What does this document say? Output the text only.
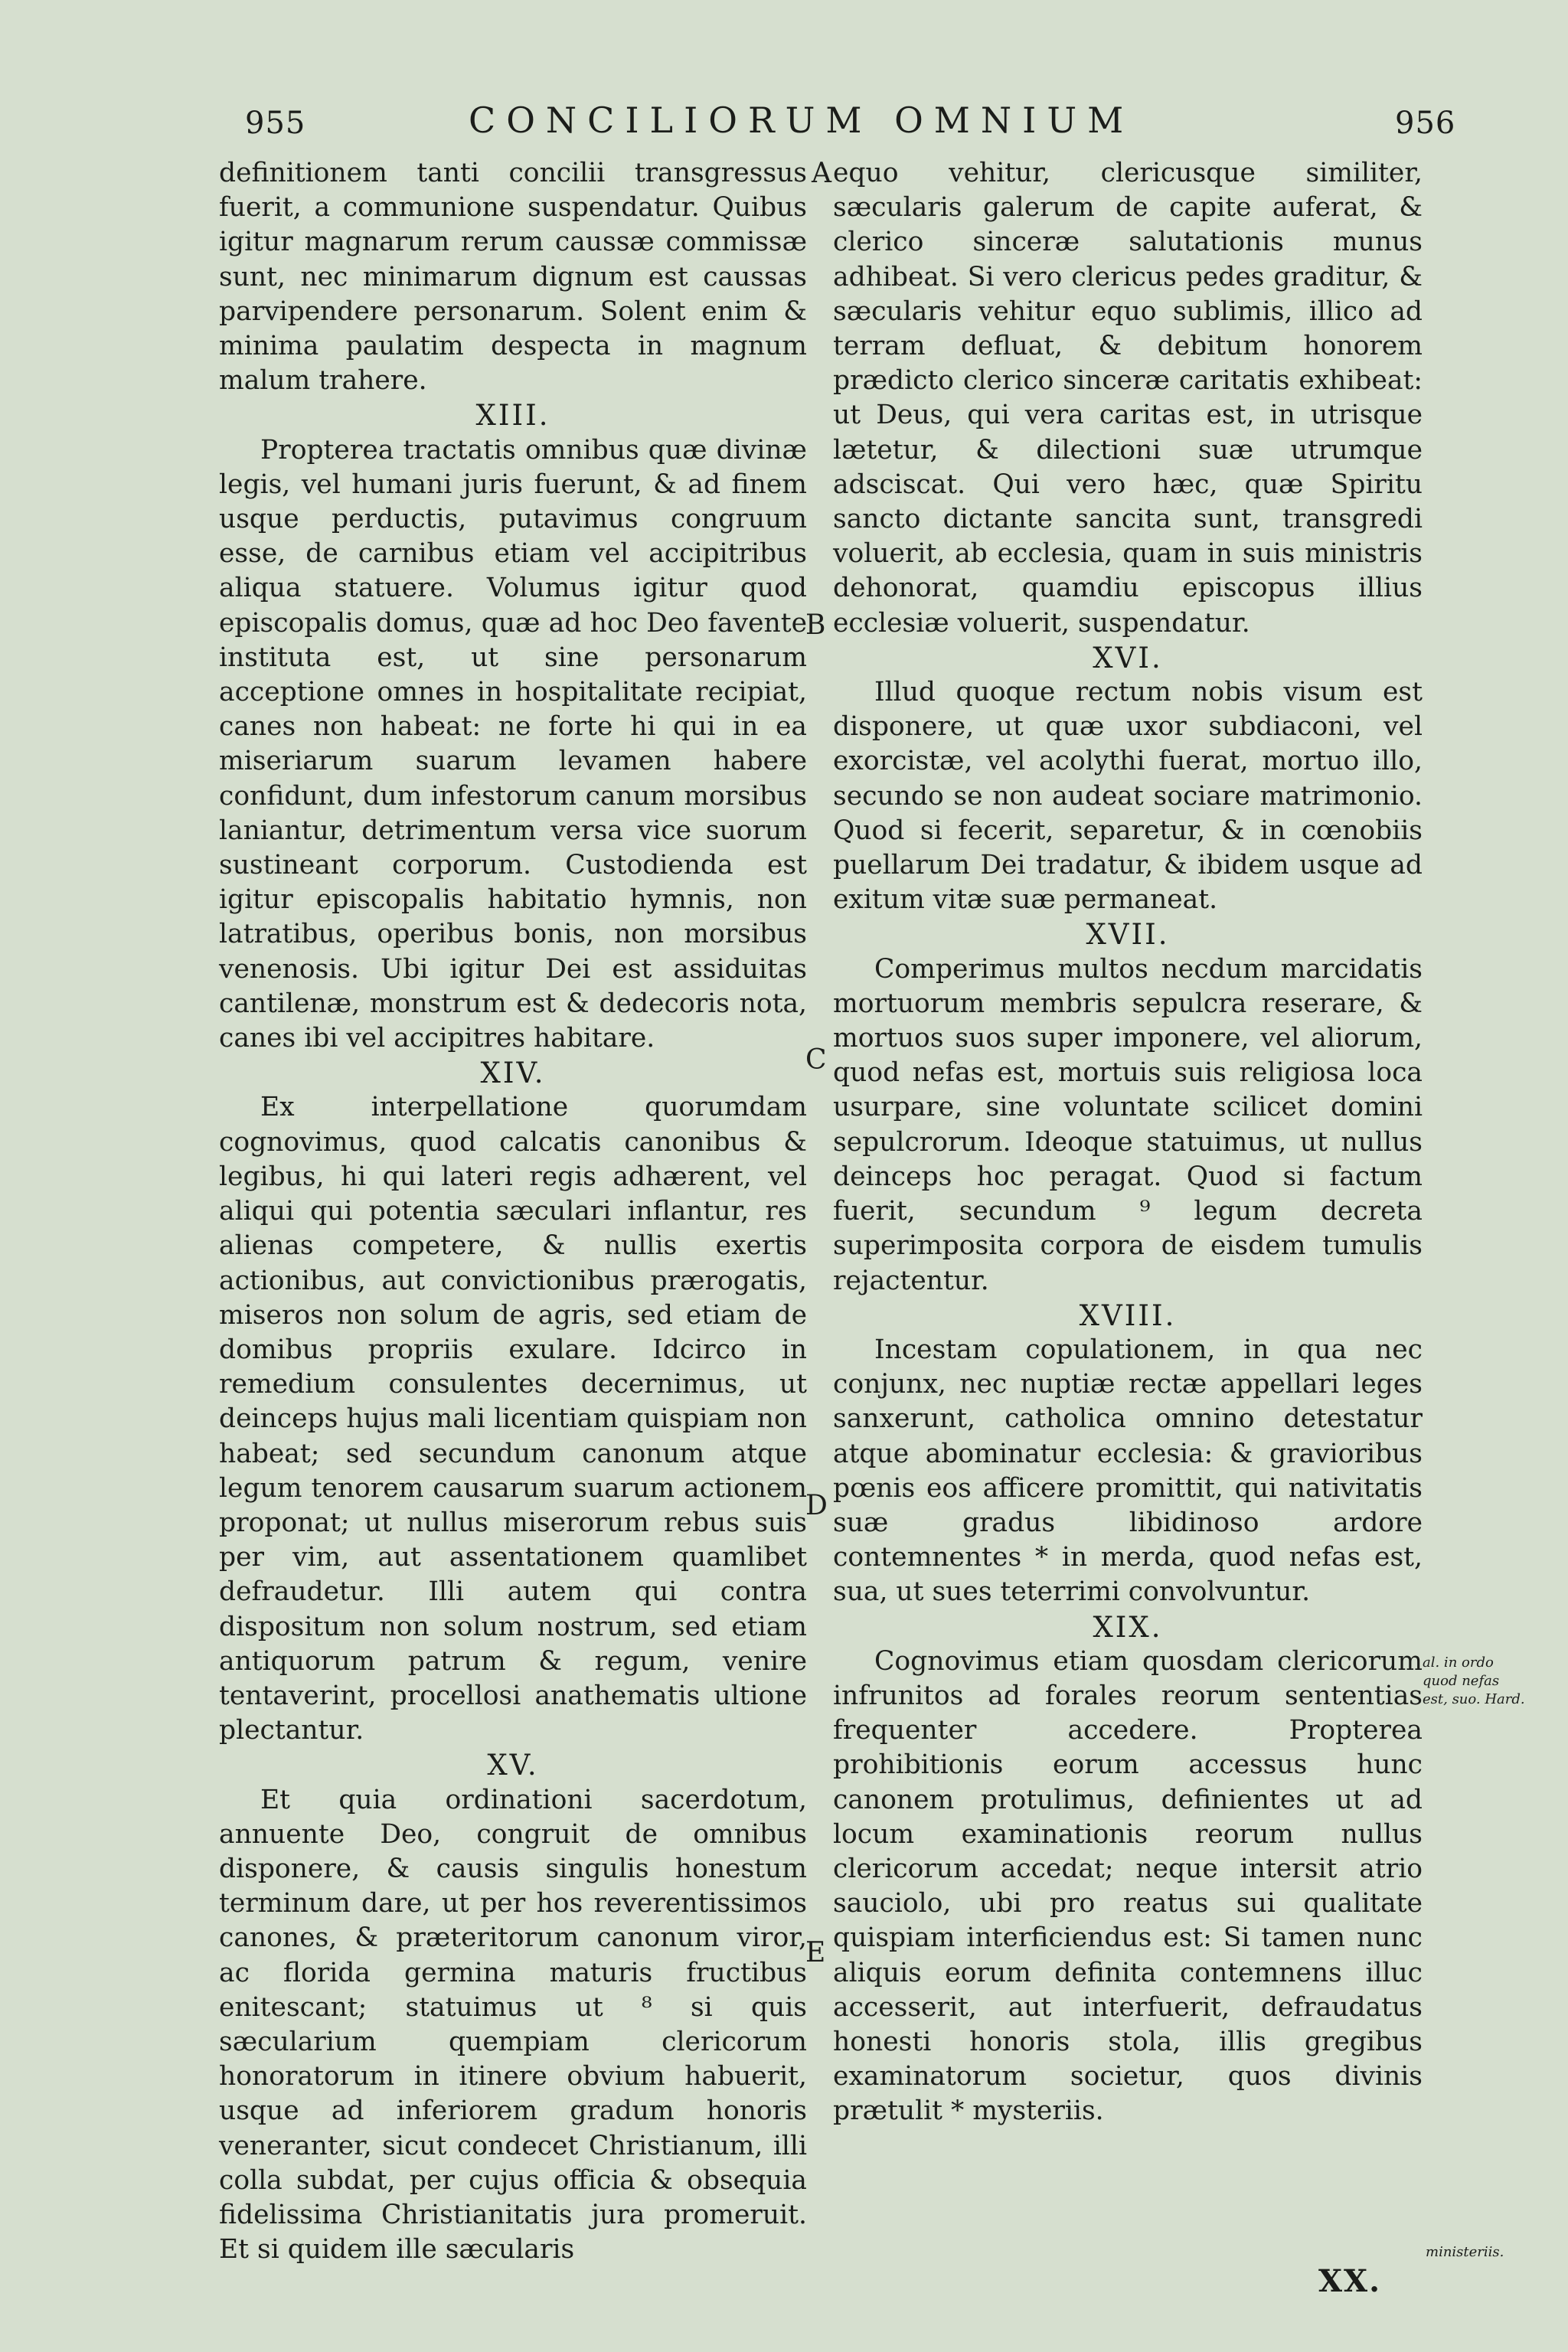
955	CONCILIORUM OMNIUM	956

definitionem tanti concilii transgressus fuerit, a communione suspendatur. Quibus igitur magnarum rerum caussæ commissæ sunt, nec minimarum dignum est caussas parvipendere personarum. Solent enim & minima paulatim despecta in magnum malum trahere.

XIII.

Propterea tractatis omnibus quæ divinæ legis, vel humani juris fuerunt, & ad finem usque perductis, putavimus congruum esse, de carnibus etiam vel accipitribus aliqua statuere. Volumus igitur quod episcopalis domus, quæ ad hoc Deo favente instituta est, ut sine personarum acceptione omnes in hospitalitate recipiat, canes non habeat: ne forte hi qui in ea miseriarum suarum levamen habere confidunt, dum infestorum canum morsibus laniantur, detrimentum versa vice suorum sustineant corporum. Custodienda est igitur episcopalis habitatio hymnis, non latratibus, operibus bonis, non morsibus venenosis. Ubi igitur Dei est assiduitas cantilenæ, monstrum est & dedecoris nota, canes ibi vel accipitres habitare.

XIV.

Ex interpellatione quorumdam cognovimus, quod calcatis canonibus & legibus, hi qui lateri regis adhærent, vel aliqui qui potentia sæculari inflantur, res alienas competere, & nullis exertis actionibus, aut convictionibus prærogatis, miseros non solum de agris, sed etiam de domibus propriis exulare. Idcirco in remedium consulentes decernimus, ut deinceps hujus mali licentiam quispiam non habeat; sed secundum canonum atque legum tenorem causarum suarum actionem proponat; ut nullus miserorum rebus suis per vim, aut assentationem quamlibet defraudetur. Illi autem qui contra dispositum non solum nostrum, sed etiam antiquorum patrum & regum, venire tentaverint, procellosi anathematis ultione plectantur.

XV.

Et quia ordinationi sacerdotum, annuente Deo, congruit de omnibus disponere, & causis singulis honestum terminum dare, ut per hos reverentissimos canones, & præteritorum canonum viror, ac florida germina maturis fructibus enitescant; statuimus ut ⁸ si quis sæcularium quempiam clericorum honoratorum in itinere obvium habuerit, usque ad inferiorem gradum honoris veneranter, sicut condecet Christianum, illi colla subdat, per cujus officia & obsequia fidelissima Christianitatis jura promeruit. Et si quidem ille sæcularis

equo vehitur, clericusque similiter, sæcularis galerum de capite auferat, & clerico sinceræ salutationis munus adhibeat. Si vero clericus pedes graditur, & sæcularis vehitur equo sublimis, illico ad terram defluat, & debitum honorem prædicto clerico sinceræ caritatis exhibeat: ut Deus, qui vera caritas est, in utrisque lætetur, & dilectioni suæ utrumque adsciscat. Qui vero hæc, quæ Spiritu sancto dictante sancita sunt, transgredi voluerit, ab ecclesia, quam in suis ministris dehonorat, quamdiu episcopus illius ecclesiæ voluerit, suspendatur.

XVI.

Illud quoque rectum nobis visum est disponere, ut quæ uxor subdiaconi, vel exorcistæ, vel acolythi fuerat, mortuo illo, secundo se non audeat sociare matrimonio. Quod si fecerit, separetur, & in cœnobiis puellarum Dei tradatur, & ibidem usque ad exitum vitæ suæ permaneat.

XVII.

Comperimus multos necdum marcidatis mortuorum membris sepulcra reserare, & mortuos suos super imponere, vel aliorum, quod nefas est, mortuis suis religiosa loca usurpare, sine voluntate scilicet domini sepulcrorum. Ideoque statuimus, ut nullus deinceps hoc peragat. Quod si factum fuerit, secundum ⁹ legum decreta superimposita corpora de eisdem tumulis rejactentur.

XVIII.

Incestam copulationem, in qua nec conjunx, nec nuptiæ rectæ appellari leges sanxerunt, catholica omnino detestatur atque abominatur ecclesia: & gravioribus pœnis eos afficere promittit, qui nativitatis suæ gradus libidinoso ardore contemnentes * in merda, quod nefas est, sua, ut sues teterrimi convolvuntur.

XIX.

Cognovimus etiam quosdam clericorum infrunitos ad forales reorum sententias frequenter accedere. Propterea prohibitionis eorum accessus hunc canonem protulimus, definientes ut ad locum examinationis reorum nullus clericorum accedat; neque intersit atrio sauciolo, ubi pro reatus sui qualitate quispiam interficiendus est: Si tamen nunc aliquis eorum definita contemnens illuc accesserit, aut interfuerit, defraudatus honesti honoris stola, illis gregibus examinatorum societur, quos divinis prætulit * mysteriis.

A
B
C
D
E
al. in ordo
quod nefas
est, suo. Hard.
ministeriis.
XX.
